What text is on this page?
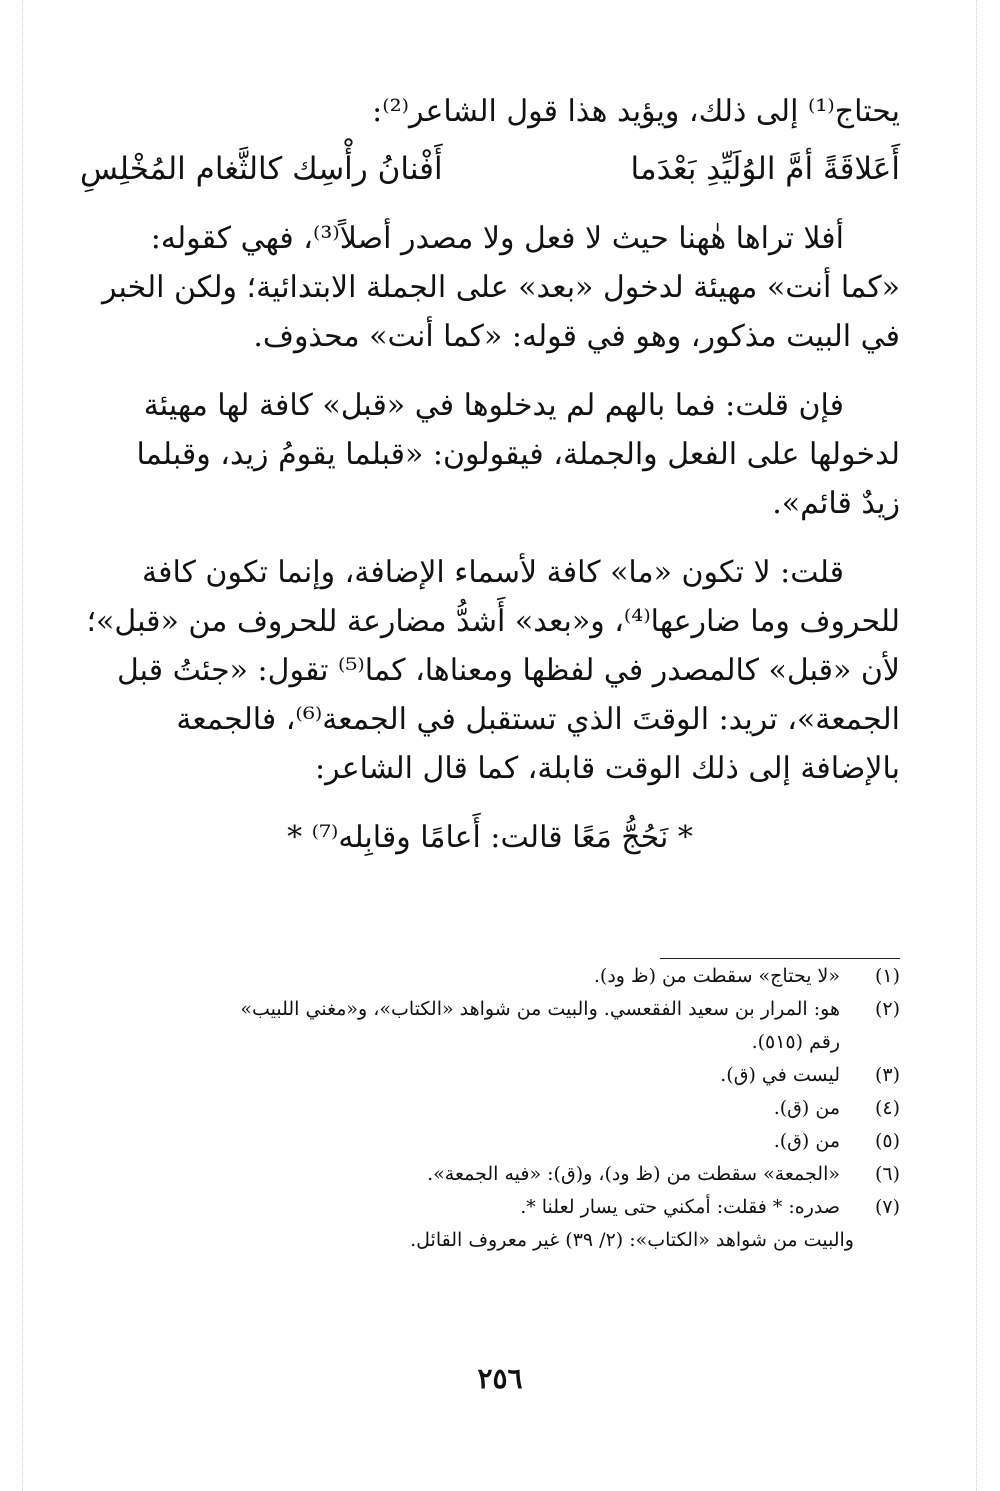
يحتاج⁽¹⁾ إلى ذلك، ويؤيد هذا قول الشاعر⁽²⁾:

أَعَلاقَةً أمَّ الوُلَيِّدِ بَعْدَما
أَفْنانُ رأْسِك كالثَّغام المُخْلِسِ

أفلا تراها هٰهنا حيث لا فعل ولا مصدر أصلاً⁽³⁾، فهي كقوله:

«كما أنت» مهيئة لدخول «بعد» على الجملة الابتدائية؛ ولكن الخبر

في البيت مذكور، وهو في قوله: «كما أنت» محذوف.

فإن قلت: فما بالهم لم يدخلوها في «قبل» كافة لها مهيئة

لدخولها على الفعل والجملة، فيقولون: «قبلما يقومُ زيد، وقبلما

زيدٌ قائم».

قلت: لا تكون «ما» كافة لأسماء الإضافة، وإنما تكون كافة

للحروف وما ضارعها⁽⁴⁾، و«بعد» أَشدُّ مضارعة للحروف من «قبل»؛

لأن «قبل» كالمصدر في لفظها ومعناها، كما⁽⁵⁾ تقول: «جئتُ قبل

الجمعة»، تريد: الوقتَ الذي تستقبل في الجمعة⁽⁶⁾، فالجمعة

بالإضافة إلى ذلك الوقت قابلة، كما قال الشاعر:

* نَحُجُّ مَعًا قالت: أَعامًا وقابِله⁽⁷⁾ *

(١)
«لا يحتاج» سقطت من (ظ ود).
(٢)
هو: المرار بن سعيد الفقعسي. والبيت من شواهد «الكتاب»، و«مغني اللبيب»
رقم (٥١٥).
(٣)
ليست في (ق).
(٤)
من (ق).
(٥)
من (ق).
(٦)
«الجمعة» سقطت من (ظ ود)، و(ق): «فيه الجمعة».
(٧)
صدره: * فقلت: أمكني حتى يسار لعلنا *.
والبيت من شواهد «الكتاب»: (٢/ ٣٩) غير معروف القائل.
٢٥٦
